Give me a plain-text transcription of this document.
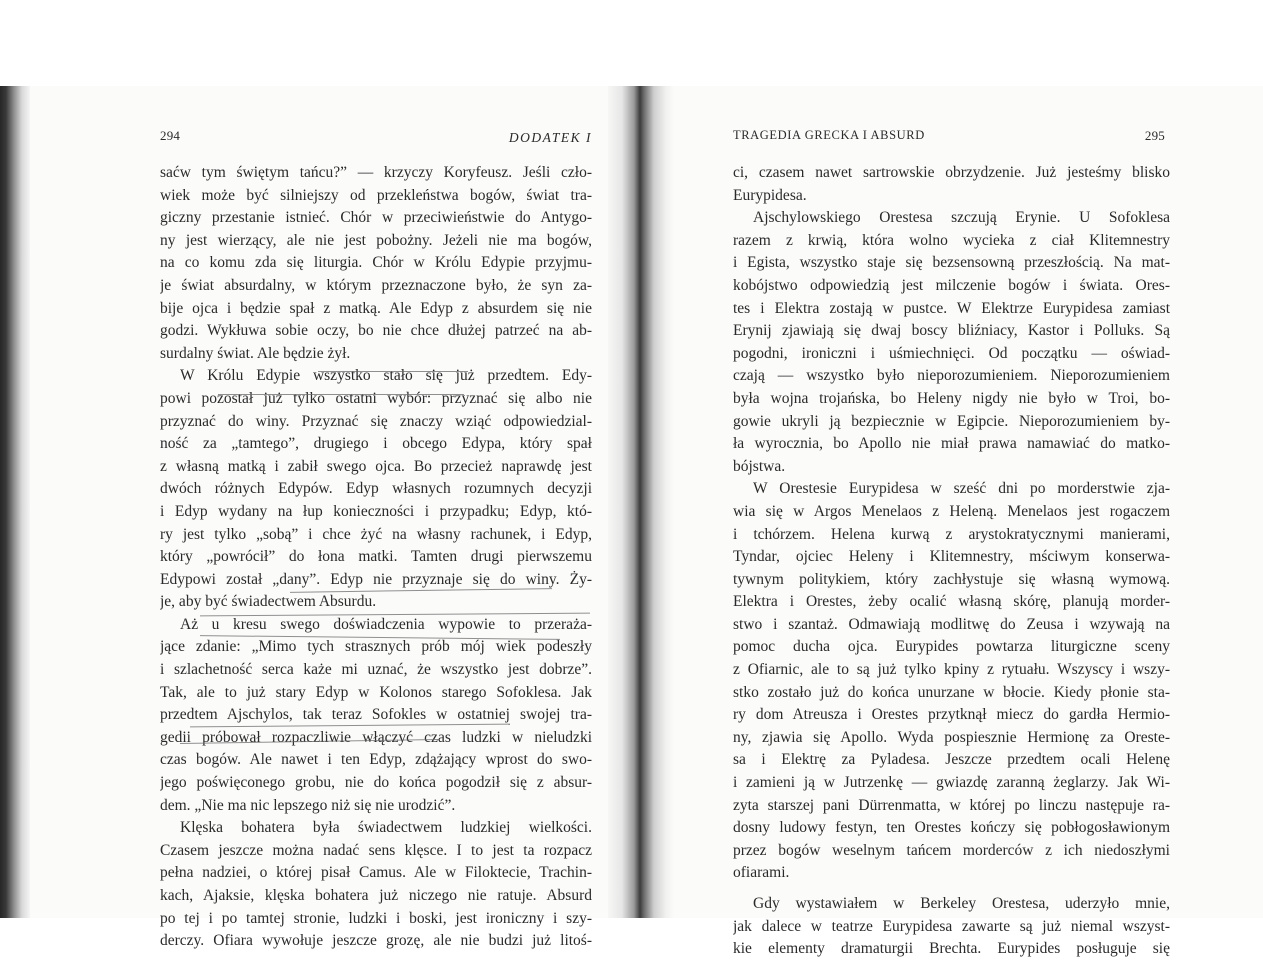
294	DODATEK I
saćw tym świętym tańcu?” — krzyczy Koryfeusz. Jeśli czło-
wiek może być silniejszy od przekleństwa bogów, świat tra-
giczny przestanie istnieć. Chór w przeciwieństwie do Antygo-
ny jest wierzący, ale nie jest pobożny. Jeżeli nie ma bogów,
na co komu zda się liturgia. Chór w Królu Edypie przyjmu-
je świat absurdalny, w którym przeznaczone było, że syn za-
bije ojca i będzie spał z matką. Ale Edyp z absurdem się nie
godzi. Wykłuwa sobie oczy, bo nie chce dłużej patrzeć na ab-
surdalny świat. Ale będzie żył.
W Królu Edypie wszystko stało się już przedtem. Edy-
powi pozostał już tylko ostatni wybór: przyznać się albo nie
przyznać do winy. Przyznać się znaczy wziąć odpowiedzial-
ność za „tamtego”, drugiego i obcego Edypa, który spał
z własną matką i zabił swego ojca. Bo przecież naprawdę jest
dwóch różnych Edypów. Edyp własnych rozumnych decyzji
i Edyp wydany na łup konieczności i przypadku; Edyp, któ-
ry jest tylko „sobą” i chce żyć na własny rachunek, i Edyp,
który „powrócił” do łona matki. Tamten drugi pierwszemu
Edypowi został „dany”. Edyp nie przyznaje się do winy. Ży-
je, aby być świadectwem Absurdu.
Aż u kresu swego doświadczenia wypowie to przeraża-
jące zdanie: „Mimo tych strasznych prób mój wiek podeszły
i szlachetność serca każe mi uznać, że wszystko jest dobrze”.
Tak, ale to już stary Edyp w Kolonos starego Sofoklesa. Jak
przedtem Ajschylos, tak teraz Sofokles w ostatniej swojej tra-
gedii próbował rozpaczliwie włączyć czas ludzki w nieludzki
czas bogów. Ale nawet i ten Edyp, zdążający wprost do swo-
jego poświęconego grobu, nie do końca pogodził się z absur-
dem. „Nie ma nic lepszego niż się nie urodzić”.
Klęska bohatera była świadectwem ludzkiej wielkości.
Czasem jeszcze można nadać sens klęsce. I to jest ta rozpacz
pełna nadziei, o której pisał Camus. Ale w Filoktecie, Trachin-
kach, Ajaksie, klęska bohatera już niczego nie ratuje. Absurd
po tej i po tamtej stronie, ludzki i boski, jest ironiczny i szy-
derczy. Ofiara wywołuje jeszcze grozę, ale nie budzi już litoś-
TRAGEDIA GRECKA I ABSURD	295
ci, czasem nawet sartrowskie obrzydzenie. Już jesteśmy blisko
Eurypidesa.
Ajschylowskiego Orestesa szczują Erynie. U Sofoklesa
razem z krwią, która wolno wycieka z ciał Klitemnestry
i Egista, wszystko staje się bezsensowną przeszłością. Na mat-
kobójstwo odpowiedzią jest milczenie bogów i świata. Ores-
tes i Elektra zostają w pustce. W Elektrze Eurypidesa zamiast
Erynij zjawiają się dwaj boscy bliźniacy, Kastor i Polluks. Są
pogodni, ironiczni i uśmiechnięci. Od początku — oświad-
czają — wszystko było nieporozumieniem. Nieporozumieniem
była wojna trojańska, bo Heleny nigdy nie było w Troi, bo-
gowie ukryli ją bezpiecznie w Egipcie. Nieporozumieniem by-
ła wyrocznia, bo Apollo nie miał prawa namawiać do matko-
bójstwa.
W Orestesie Eurypidesa w sześć dni po morderstwie zja-
wia się w Argos Menelaos z Heleną. Menelaos jest rogaczem
i tchórzem. Helena kurwą z arystokratycznymi manierami,
Tyndar, ojciec Heleny i Klitemnestry, mściwym konserwa-
tywnym politykiem, który zachłystuje się własną wymową.
Elektra i Orestes, żeby ocalić własną skórę, planują morder-
stwo i szantaż. Odmawiają modlitwę do Zeusa i wzywają na
pomoc ducha ojca. Eurypides powtarza liturgiczne sceny
z Ofiarnic, ale to są już tylko kpiny z rytuału. Wszyscy i wszy-
stko zostało już do końca unurzane w błocie. Kiedy płonie sta-
ry dom Atreusza i Orestes przytknął miecz do gardła Hermio-
ny, zjawia się Apollo. Wyda pospiesznie Hermionę za Oreste-
sa i Elektrę za Pyladesa. Jeszcze przedtem ocali Helenę
i zamieni ją w Jutrzenkę — gwiazdę zaranną żeglarzy. Jak Wi-
zyta starszej pani Dürrenmatta, w której po linczu następuje ra-
dosny ludowy festyn, ten Orestes kończy się pobłogosławionym
przez bogów weselnym tańcem morderców z ich niedoszłymi
ofiarami.
Gdy wystawiałem w Berkeley Orestesa, uderzyło mnie,
jak dalece w teatrze Eurypidesa zawarte są już niemal wszyst-
kie elementy dramaturgii Brechta. Eurypides posługuje się
